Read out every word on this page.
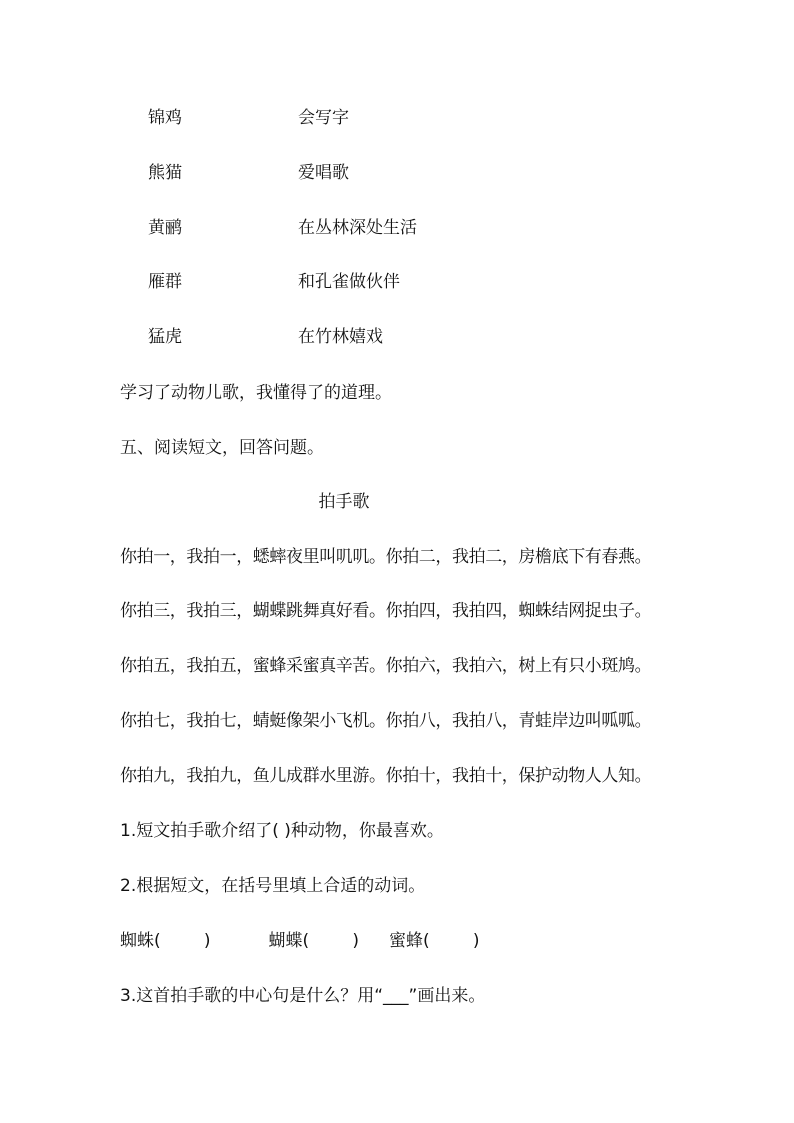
锦鸡	会写字
熊猫	爱唱歌
黄鹂	在丛林深处生活
雁群	和孔雀做伙伴
猛虎	在竹林嬉戏
学习了动物儿歌，我懂得了的道理。
五、阅读短文，回答问题。
拍手歌
你拍一，我拍一，蟋蟀夜里叫叽叽。你拍二，我拍二，房檐底下有春燕。
你拍三，我拍三，蝴蝶跳舞真好看。你拍四，我拍四，蜘蛛结网捉虫子。
你拍五，我拍五，蜜蜂采蜜真辛苦。你拍六，我拍六，树上有只小斑鸠。
你拍七，我拍七，蜻蜓像架小飞机。你拍八，我拍八，青蛙岸边叫呱呱。
你拍九，我拍九，鱼儿成群水里游。你拍十，我拍十，保护动物人人知。
1.短文拍手歌介绍了( )种动物，你最喜欢。
2.根据短文，在括号里填上合适的动词。
蜘蛛(        )	蝴蝶(        ) 蜜蜂(        )
3.这首拍手歌的中心句是什么？用“___”画出来。
